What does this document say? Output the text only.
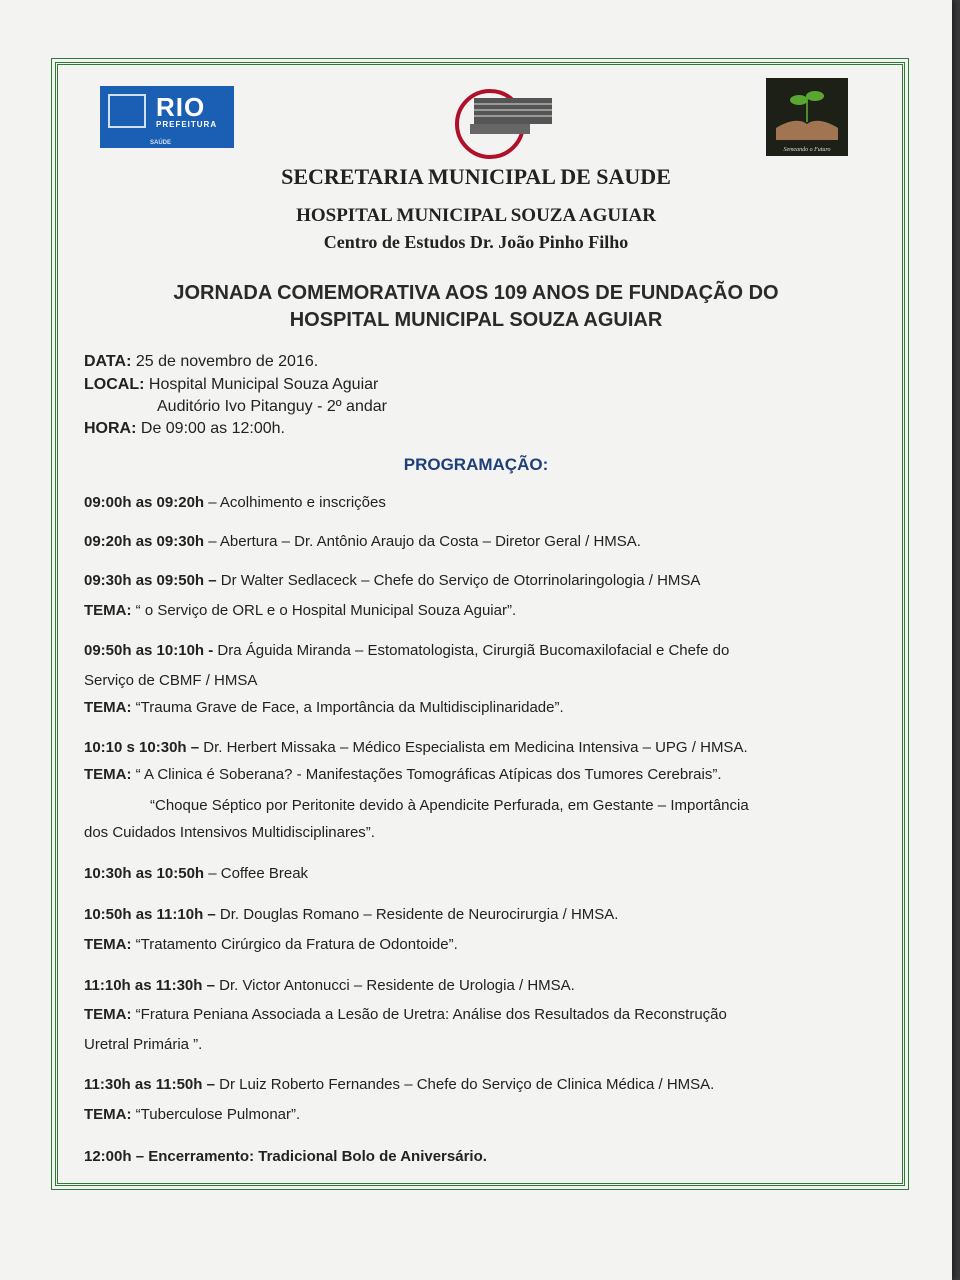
RIO
PREFEITURA
SAÚDE
Semeando o Futuro
SECRETARIA MUNICIPAL DE SAUDE
HOSPITAL MUNICIPAL SOUZA AGUIAR
Centro de Estudos Dr. João Pinho Filho
JORNADA COMEMORATIVA AOS 109 ANOS DE FUNDAÇÃO DO
HOSPITAL MUNICIPAL SOUZA AGUIAR
DATA: 25 de novembro de 2016.
LOCAL: Hospital Municipal Souza Aguiar
Auditório Ivo Pitanguy - 2º andar
HORA: De 09:00 as 12:00h.
PROGRAMAÇÃO:
09:00h as 09:20h – Acolhimento e inscrições
09:20h as 09:30h – Abertura – Dr. Antônio Araujo da Costa – Diretor Geral / HMSA.
09:30h as 09:50h – Dr Walter Sedlaceck – Chefe do Serviço de Otorrinolaringologia / HMSA
TEMA: “ o Serviço de ORL e o Hospital Municipal Souza Aguiar”.
09:50h as 10:10h - Dra Águida Miranda – Estomatologista, Cirurgiã Bucomaxilofacial e Chefe do
Serviço de CBMF / HMSA
TEMA: “Trauma Grave de Face, a Importância da Multidisciplinaridade”.
10:10 s 10:30h – Dr. Herbert Missaka – Médico Especialista em Medicina Intensiva – UPG / HMSA.
TEMA: “ A Clinica é Soberana? - Manifestações Tomográficas Atípicas dos Tumores Cerebrais”.
“Choque Séptico por Peritonite devido à Apendicite Perfurada, em Gestante – Importância
dos Cuidados Intensivos Multidisciplinares”.
10:30h as 10:50h – Coffee Break
10:50h as 11:10h – Dr. Douglas Romano – Residente de Neurocirurgia / HMSA.
TEMA: “Tratamento Cirúrgico da Fratura de Odontoide”.
11:10h as 11:30h – Dr. Victor Antonucci – Residente de Urologia / HMSA.
TEMA: “Fratura Peniana Associada a Lesão de Uretra: Análise dos Resultados da Reconstrução
Uretral Primária ”.
11:30h as 11:50h – Dr Luiz Roberto Fernandes – Chefe do Serviço de Clinica Médica / HMSA.
TEMA: “Tuberculose Pulmonar”.
12:00h – Encerramento: Tradicional Bolo de Aniversário.
